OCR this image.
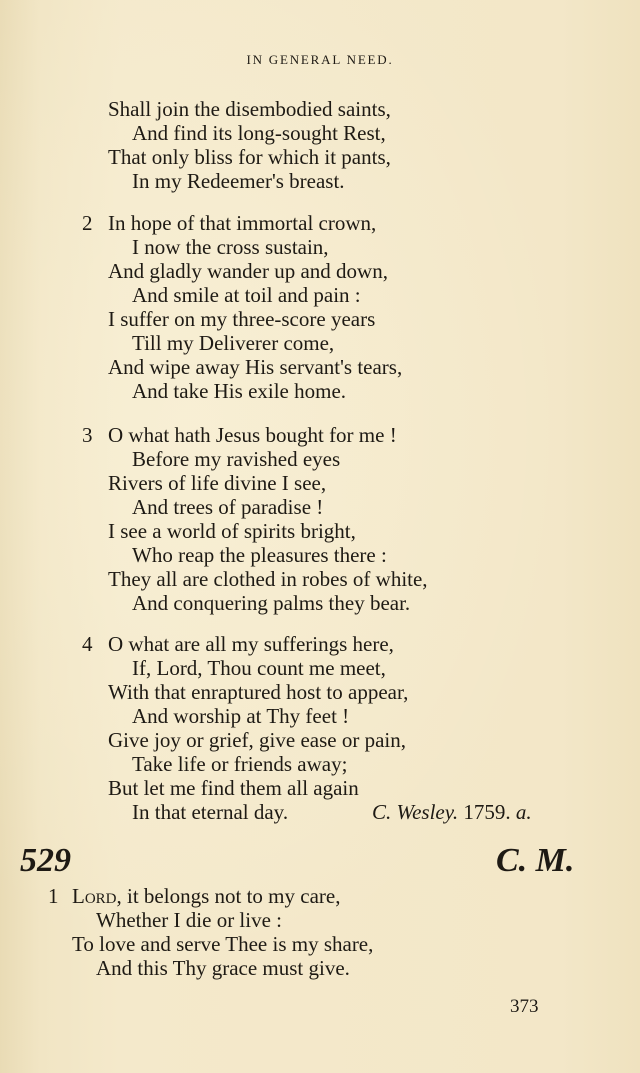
IN GENERAL NEED.
Shall join the disembodied saints,
And find its long-sought Rest,
That only bliss for which it pants,
In my Redeemer's breast.
2 In hope of that immortal crown,
I now the cross sustain,
And gladly wander up and down,
And smile at toil and pain :
I suffer on my three-score years
Till my Deliverer come,
And wipe away His servant's tears,
And take His exile home.
3 O what hath Jesus bought for me !
Before my ravished eyes
Rivers of life divine I see,
And trees of paradise !
I see a world of spirits bright,
Who reap the pleasures there :
They all are clothed in robes of white,
And conquering palms they bear.
4 O what are all my sufferings here,
If, Lord, Thou count me meet,
With that enraptured host to appear,
And worship at Thy feet !
Give joy or grief, give ease or pain,
Take life or friends away;
But let me find them all again
In that eternal day.	C. Wesley. 1759. a.
529	C. M.
1 Lord, it belongs not to my care,
Whether I die or live :
To love and serve Thee is my share,
And this Thy grace must give.
373
